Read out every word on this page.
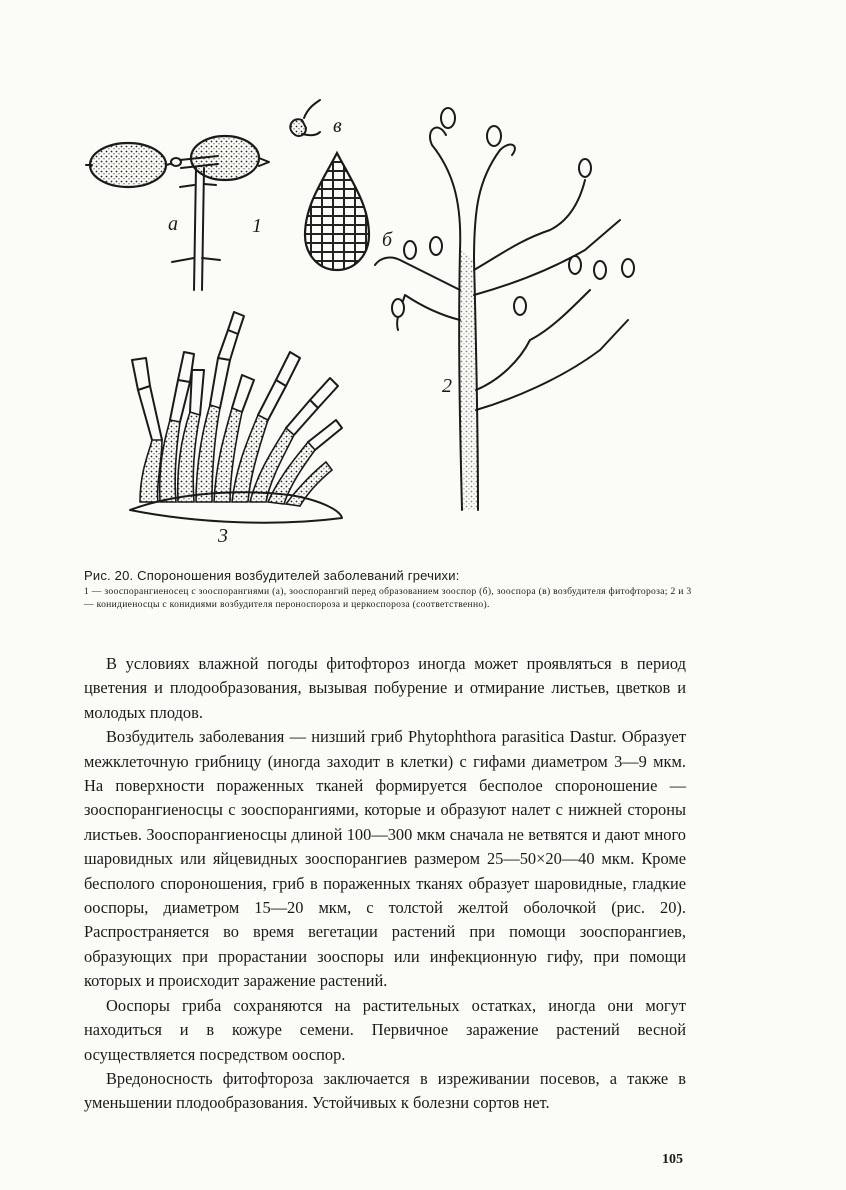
а
б
в
1
2
3

Рис. 20. Спороношения возбудителей заболеваний гречихи:

1 — зооспорангиеносец с зооспорангиями (а), зооспорангий перед образованием зооспор (б), зооспора (в) возбудителя фитофтороза; 2 и 3 — конидиеносцы с конидиями возбудителя пероноспороза и церкоспороза (соответственно).

В условиях влажной погоды фитофтороз иногда может проявляться в период цветения и плодообразования, вызывая побурение и отмирание листьев, цветков и молодых плодов.

Возбудитель заболевания — низший гриб Phytophthora parasitica Dastur. Образует межклеточную грибницу (иногда заходит в клетки) с гифами диаметром 3—9 мкм. На поверхности пораженных тканей формируется бесполое спороношение — зооспорангиеносцы с зооспорангиями, которые и образуют налет с нижней стороны листьев. Зооспорангиеносцы длиной 100—300 мкм сначала не ветвятся и дают много шаровидных или яйцевидных зооспорангиев размером 25—50×20—40 мкм. Кроме бесполого спороношения, гриб в пораженных тканях образует шаровидные, гладкие ооспоры, диаметром 15—20 мкм, с толстой желтой оболочкой (рис. 20). Распространяется во время вегетации растений при помощи зооспорангиев, образующих при прорастании зооспоры или инфекционную гифу, при помощи которых и происходит заражение растений.

Ооспоры гриба сохраняются на растительных остатках, иногда они могут находиться и в кожуре семени. Первичное заражение растений весной осуществляется посредством ооспор.

Вредоносность фитофтороза заключается в изреживании посевов, а также в уменьшении плодообразования. Устойчивых к болезни сортов нет.

105
